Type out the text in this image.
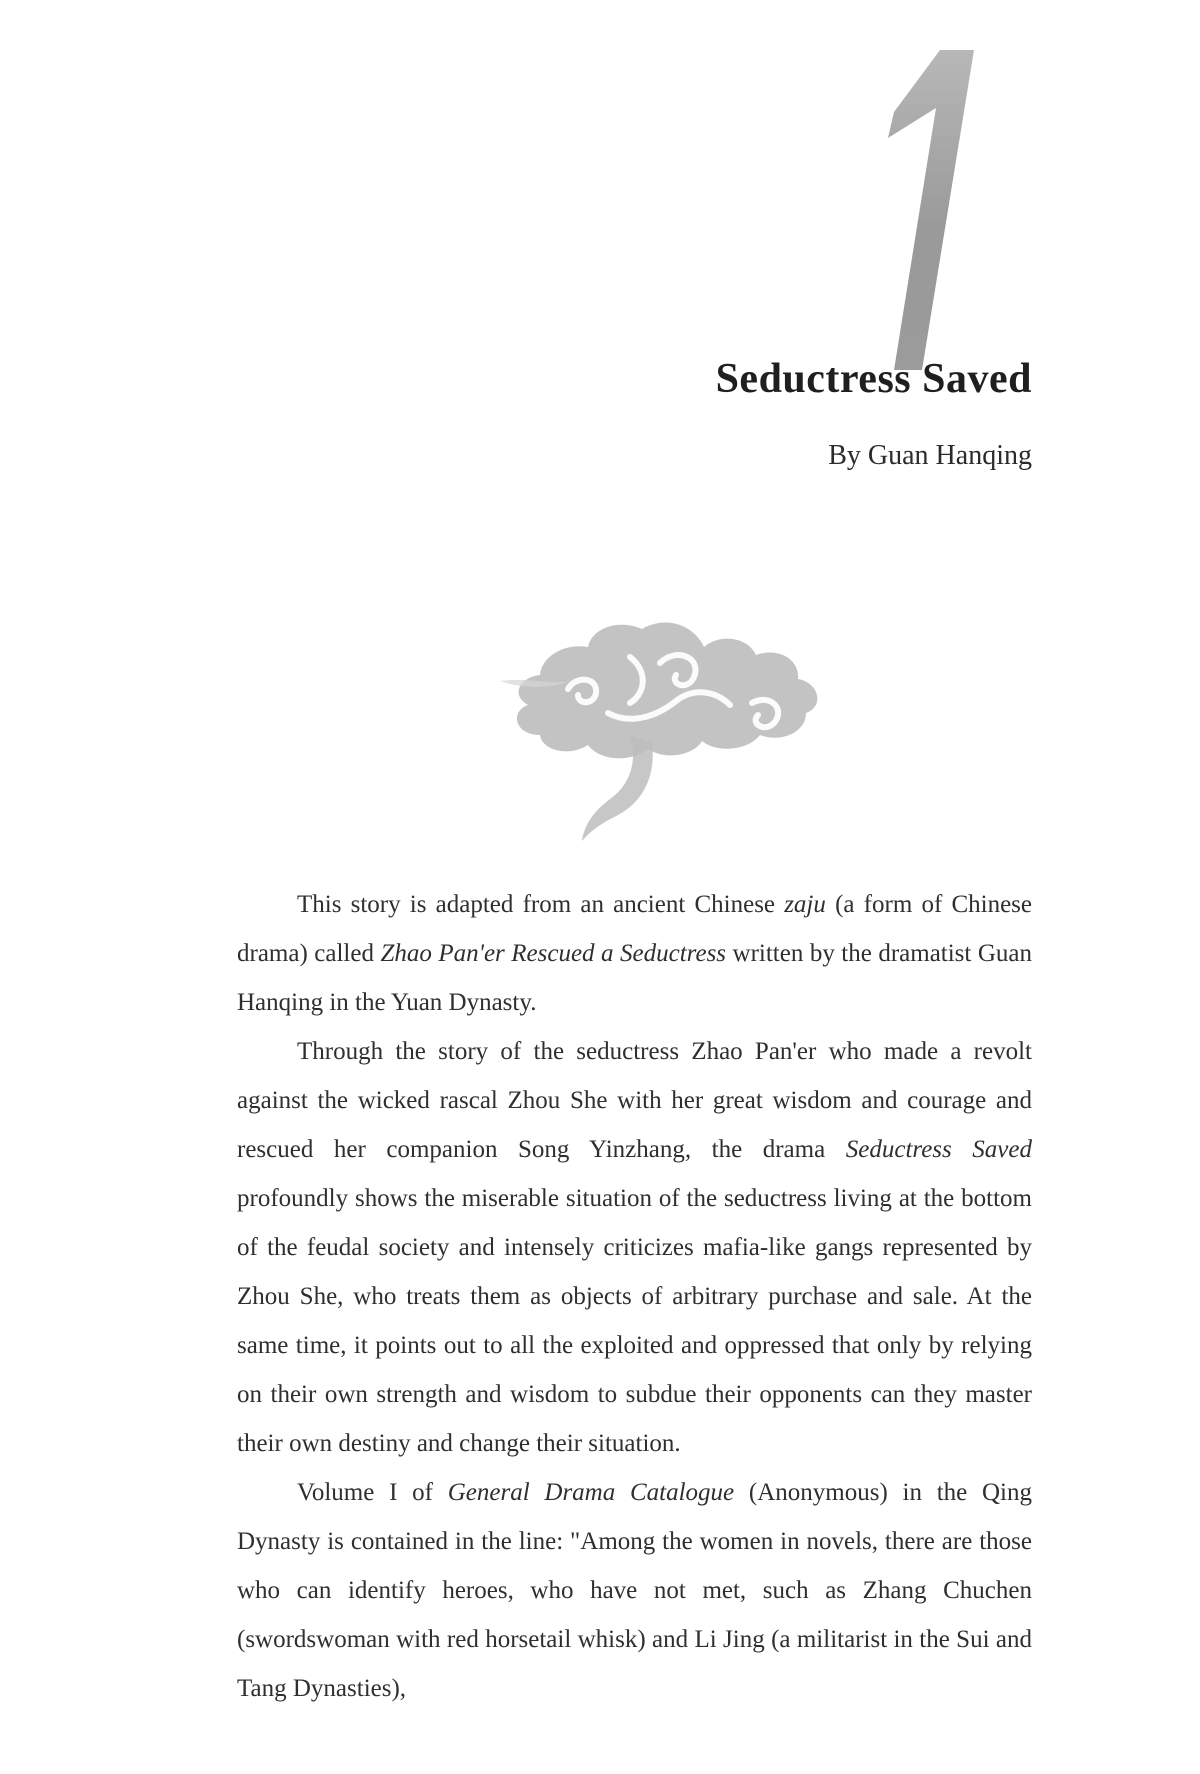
Seductress Saved

By Guan Hanqing

This story is adapted from an ancient Chinese zaju (a form of Chinese drama) called Zhao Pan'er Rescued a Seductress written by the dramatist Guan Hanqing in the Yuan Dynasty.

Through the story of the seductress Zhao Pan'er who made a revolt against the wicked rascal Zhou She with her great wisdom and courage and rescued her companion Song Yinzhang, the drama Seductress Saved profoundly shows the miserable situation of the seductress living at the bottom of the feudal society and intensely criticizes mafia-like gangs represented by Zhou She, who treats them as objects of arbitrary purchase and sale. At the same time, it points out to all the exploited and oppressed that only by relying on their own strength and wisdom to subdue their opponents can they master their own destiny and change their situation.

Volume I of General Drama Catalogue (Anonymous) in the Qing Dynasty is contained in the line: "Among the women in novels, there are those who can identify heroes, who have not met, such as Zhang Chuchen (swordswoman with red horsetail whisk) and Li Jing (a militarist in the Sui and Tang Dynasties),
